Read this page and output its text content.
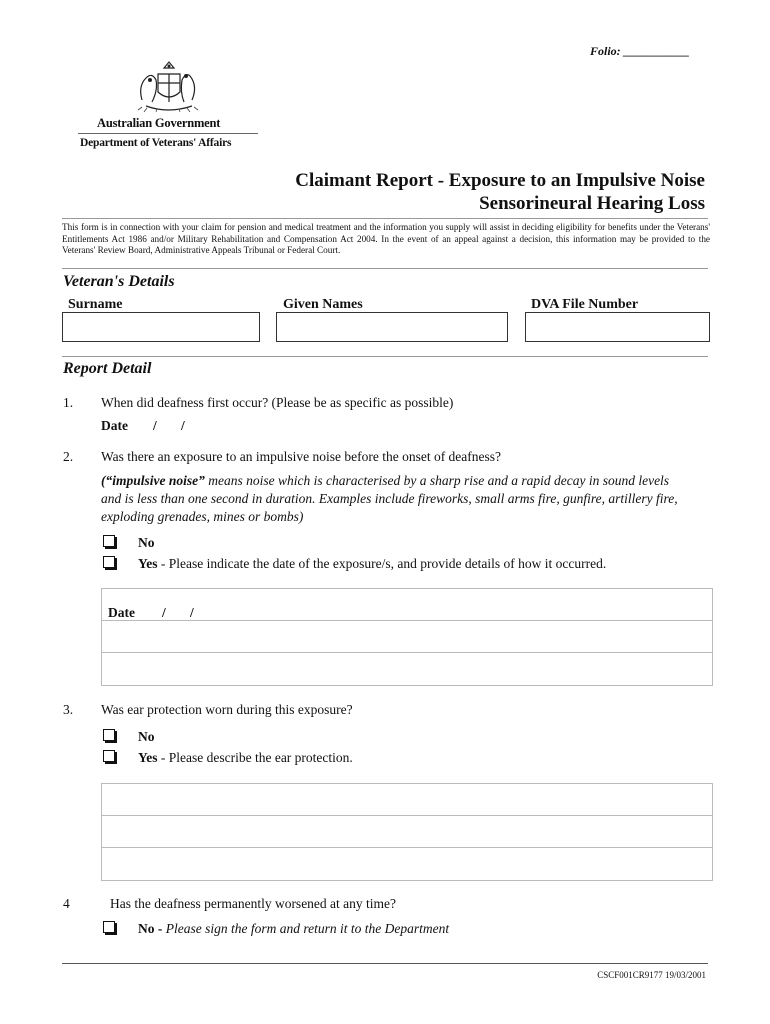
Folio: ___________
Australian Government
Department of Veterans' Affairs
Claimant Report - Exposure to an Impulsive Noise
Sensorineural Hearing Loss
This form is in connection with your claim for pension and medical treatment and the information you supply will assist in deciding eligibility for benefits under the Veterans' Entitlements Act 1986 and/or Military Rehabilitation and Compensation Act 2004. In the event of an appeal against a decision, this information may be provided to the Veterans' Review Board, Administrative Appeals Tribunal or Federal Court.
Veteran's Details
Surname	Given Names	DVA File Number
Report Detail
1. When did deafness first occur? (Please be as specific as possible)
Date / /
2. Was there an exposure to an impulsive noise before the onset of deafness?
(“impulsive noise” means noise which is characterised by a sharp rise and a rapid decay in sound levels and is less than one second in duration. Examples include fireworks, small arms fire, gunfire, artillery fire, exploding grenades, mines or bombs)
No
Yes - Please indicate the date of the exposure/s, and provide details of how it occurred.
Date / /
3. Was ear protection worn during this exposure?
No
Yes - Please describe the ear protection.
4	Has the deafness permanently worsened at any time?
No - Please sign the form and return it to the Department
CSCF001CR9177 19/03/2001
